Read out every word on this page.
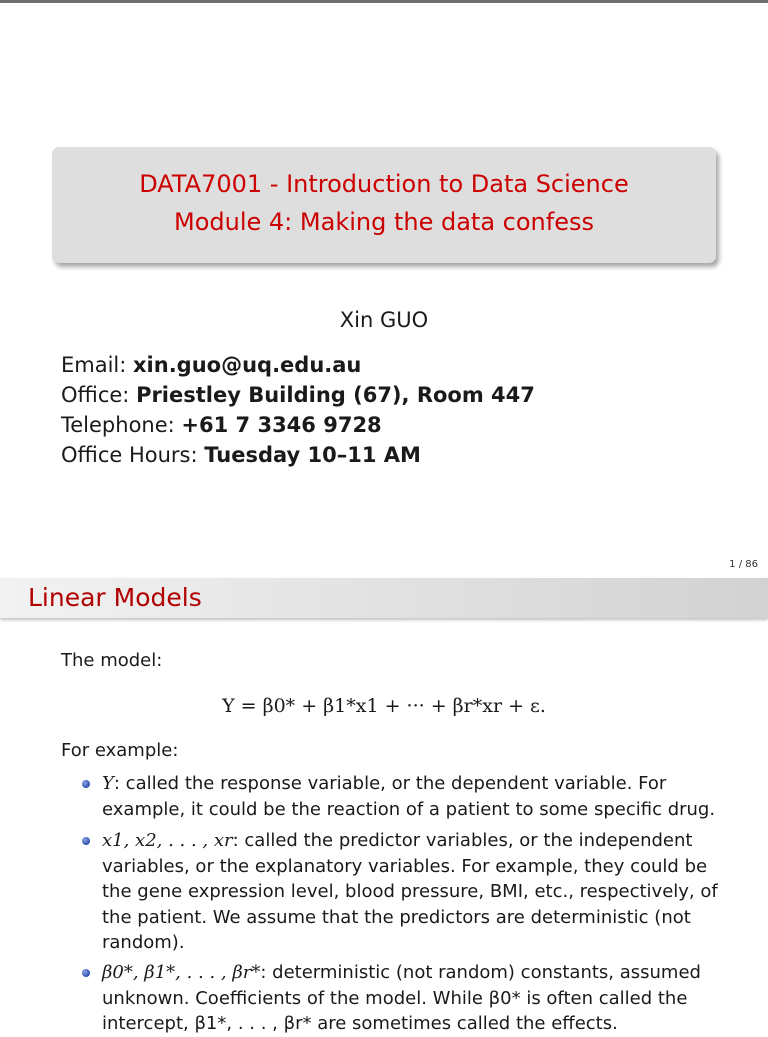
DATA7001 - Introduction to Data Science
Module 4: Making the data confess
Xin GUO
Email: xin.guo@uq.edu.au
Office: Priestley Building (67), Room 447
Telephone: +61 7 3346 9728
Office Hours: Tuesday 10–11 AM
1 / 86
Linear Models
The model:
Y = β0* + β1*x1 + ··· + βr*xr + ε.
For example:
Y: called the response variable, or the dependent variable. For example, it could be the reaction of a patient to some specific drug.
x1, x2, . . . , xr: called the predictor variables, or the independent variables, or the explanatory variables. For example, they could be the gene expression level, blood pressure, BMI, etc., respectively, of the patient. We assume that the predictors are deterministic (not random).
β0*, β1*, . . . , βr*: deterministic (not random) constants, assumed unknown. Coefficients of the model. While β0* is often called the intercept, β1*, . . . , βr* are sometimes called the effects.
